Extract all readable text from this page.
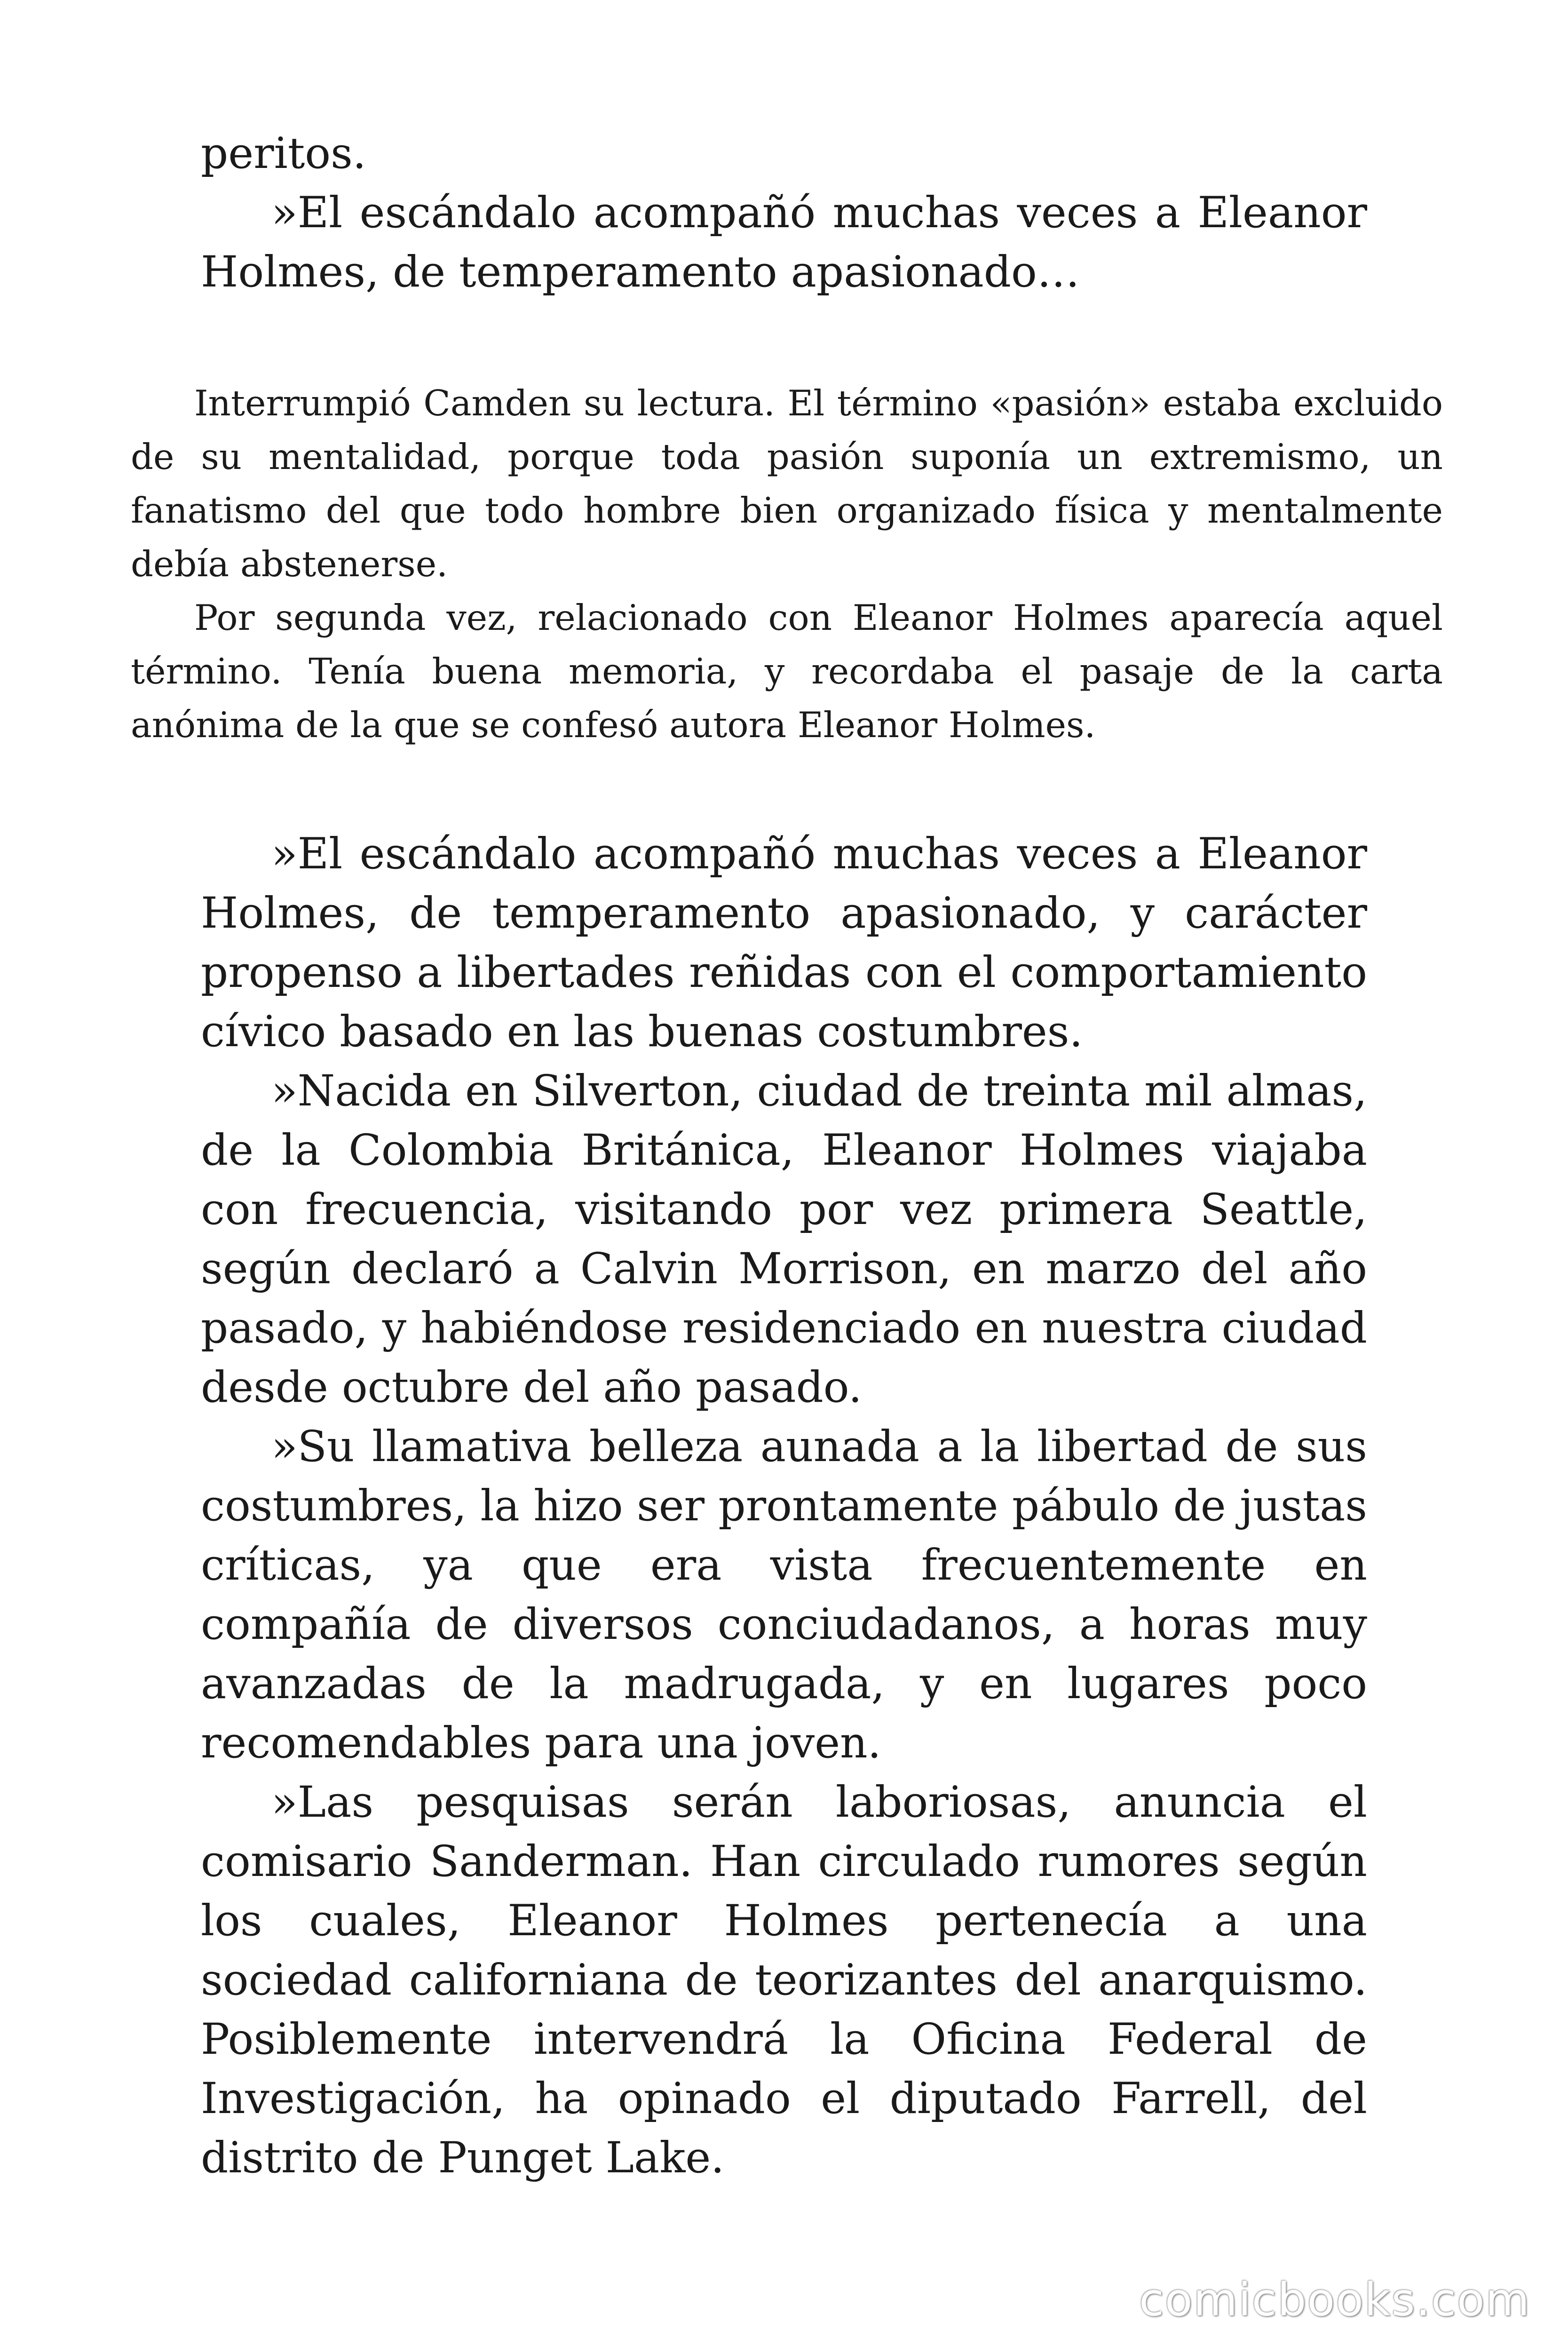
peritos.

»El escándalo acompañó muchas veces a Eleanor Holmes, de temperamento apasionado…

Interrumpió Camden su lectura. El término «pasión» estaba excluido de su mentalidad, porque toda pasión suponía un extremismo, un fanatismo del que todo hombre bien organizado física y mentalmente debía abstenerse.

Por segunda vez, relacionado con Eleanor Holmes aparecía aquel término. Tenía buena memoria, y recordaba el pasaje de la carta anónima de la que se confesó autora Eleanor Holmes.

»El escándalo acompañó muchas veces a Eleanor Holmes, de temperamento apasionado, y carácter propenso a libertades reñidas con el comportamiento cívico basado en las buenas costumbres.

»Nacida en Silverton, ciudad de treinta mil almas, de la Colombia Británica, Eleanor Holmes viajaba con frecuencia, visitando por vez primera Seattle, según declaró a Calvin Morrison, en marzo del año pasado, y habiéndose residenciado en nuestra ciudad desde octubre del año pasado.

»Su llamativa belleza aunada a la libertad de sus costumbres, la hizo ser prontamente pábulo de justas críticas, ya que era vista frecuentemente en compañía de diversos conciudadanos, a horas muy avanzadas de la madrugada, y en lugares poco recomendables para una joven.

»Las pesquisas serán laboriosas, anuncia el comisario Sanderman. Han circulado rumores según los cuales, Eleanor Holmes pertenecía a una sociedad californiana de teorizantes del anarquismo. Posiblemente intervendrá la Oficina Federal de Investigación, ha opinado el diputado Farrell, del distrito de Punget Lake.

comicbooks.com
